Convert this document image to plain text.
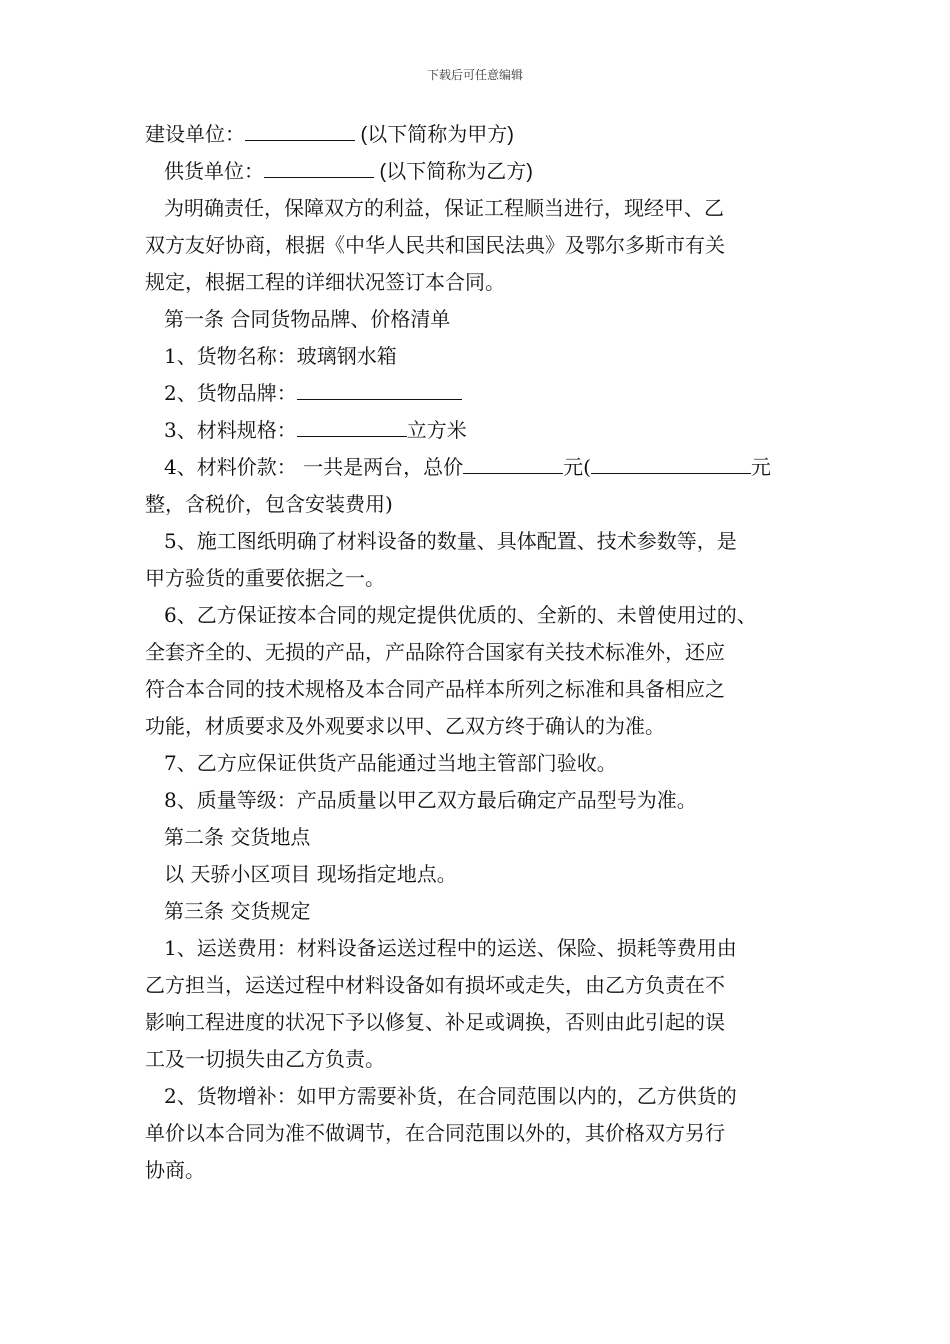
下载后可任意编辑

建设单位：	(以下简称为甲方)

供货单位：	(以下简称为乙方)

为明确责任，保障双方的利益，保证工程顺当进行，现经甲、乙

双方友好协商，根据《中华人民共和国民法典》及鄂尔多斯市有关

规定，根据工程的详细状况签订本合同。

第一条 合同货物品牌、价格清单

1、货物名称：玻璃钢水箱

2、货物品牌：

3、材料规格：	立方米

4、材料价款： 一共是两台，总价	元(	元

整，含税价，包含安装费用)

5、施工图纸明确了材料设备的数量、具体配置、技术参数等，是

甲方验货的重要依据之一。

6、乙方保证按本合同的规定提供优质的、全新的、未曾使用过的、

全套齐全的、无损的产品，产品除符合国家有关技术标准外，还应

符合本合同的技术规格及本合同产品样本所列之标准和具备相应之

功能，材质要求及外观要求以甲、乙双方终于确认的为准。

7、乙方应保证供货产品能通过当地主管部门验收。

8、质量等级：产品质量以甲乙双方最后确定产品型号为准。

第二条 交货地点

以 天骄小区项目 现场指定地点。

第三条 交货规定

1、运送费用：材料设备运送过程中的运送、保险、损耗等费用由

乙方担当，运送过程中材料设备如有损坏或走失，由乙方负责在不

影响工程进度的状况下予以修复、补足或调换，否则由此引起的误

工及一切损失由乙方负责。

2、货物增补：如甲方需要补货，在合同范围以内的，乙方供货的

单价以本合同为准不做调节，在合同范围以外的，其价格双方另行

协商。
